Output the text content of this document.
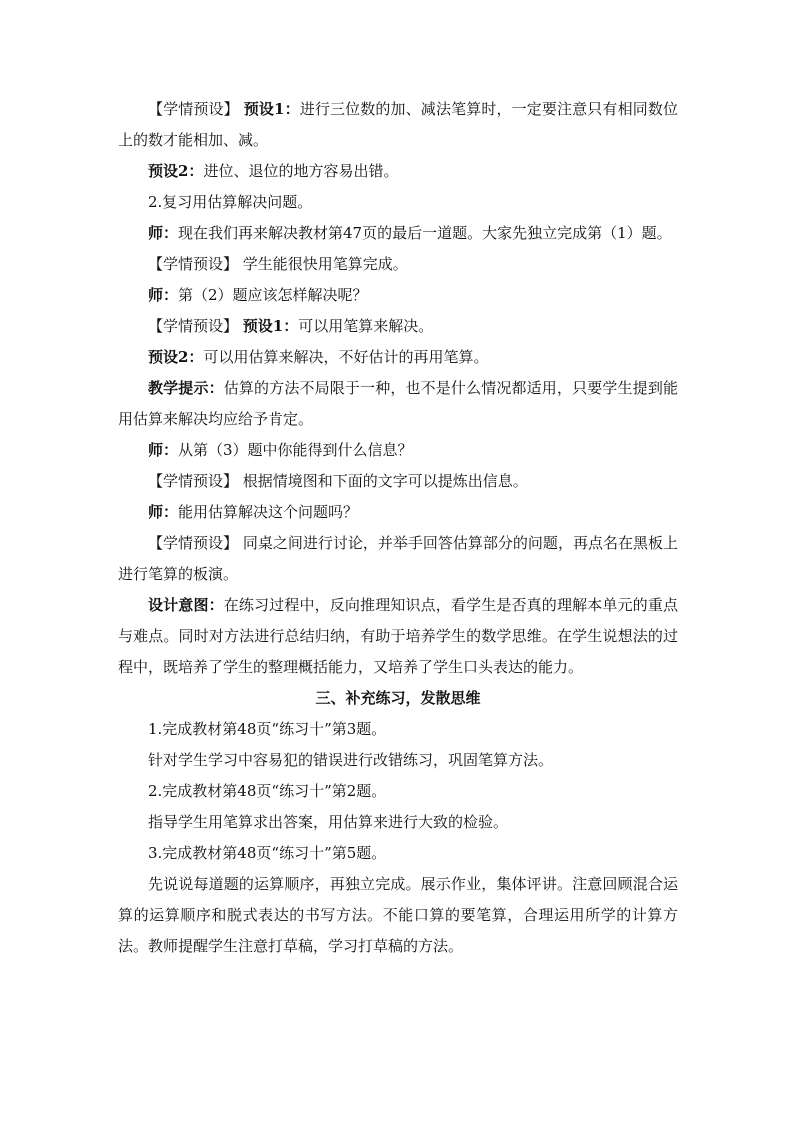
【学情预设】 预设1：进行三位数的加、减法笔算时，一定要注意只有相同数位上的数才能相加、减。

预设2：进位、退位的地方容易出错。

2.复习用估算解决问题。

师：现在我们再来解决教材第47页的最后一道题。大家先独立完成第（1）题。

【学情预设】 学生能很快用笔算完成。

师：第（2）题应该怎样解决呢？

【学情预设】 预设1：可以用笔算来解决。

预设2：可以用估算来解决，不好估计的再用笔算。

教学提示：估算的方法不局限于一种，也不是什么情况都适用，只要学生提到能用估算来解决均应给予肯定。

师：从第（3）题中你能得到什么信息？

【学情预设】 根据情境图和下面的文字可以提炼出信息。

师：能用估算解决这个问题吗？

【学情预设】 同桌之间进行讨论，并举手回答估算部分的问题，再点名在黑板上进行笔算的板演。

设计意图：在练习过程中，反向推理知识点，看学生是否真的理解本单元的重点与难点。同时对方法进行总结归纳，有助于培养学生的数学思维。在学生说想法的过程中，既培养了学生的整理概括能力，又培养了学生口头表达的能力。

三、补充练习，发散思维

1.完成教材第48页“练习十”第3题。

针对学生学习中容易犯的错误进行改错练习，巩固笔算方法。

2.完成教材第48页“练习十”第2题。

指导学生用笔算求出答案，用估算来进行大致的检验。

3.完成教材第48页“练习十”第5题。

先说说每道题的运算顺序，再独立完成。展示作业，集体评讲。注意回顾混合运算的运算顺序和脱式表达的书写方法。不能口算的要笔算，合理运用所学的计算方法。教师提醒学生注意打草稿，学习打草稿的方法。
